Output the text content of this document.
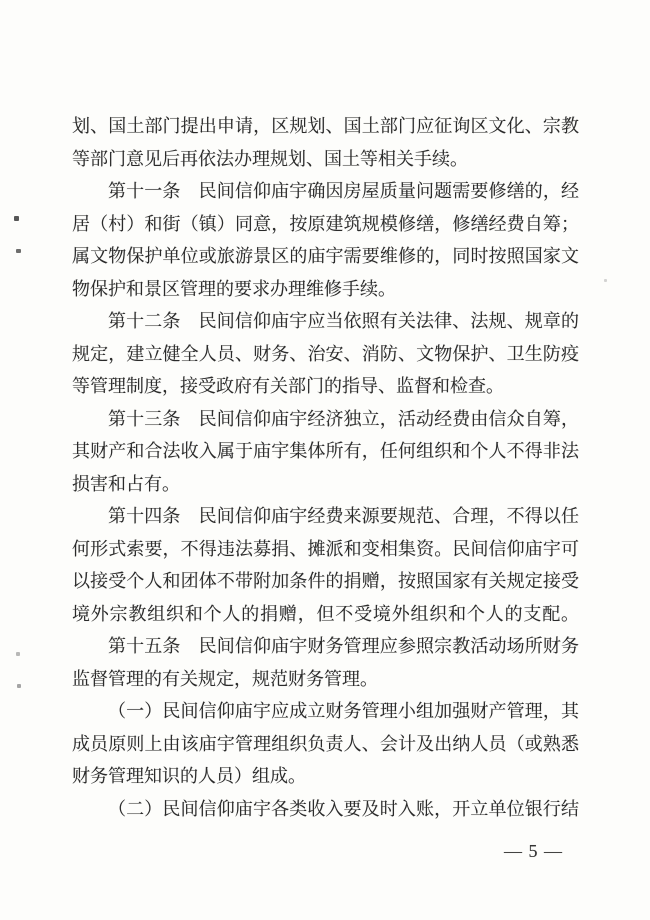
划、国土部门提出申请，区规划、国土部门应征询区文化、宗教
等部门意见后再依法办理规划、国土等相关手续。
第十一条　民间信仰庙宇确因房屋质量问题需要修缮的，经
居（村）和街（镇）同意，按原建筑规模修缮，修缮经费自筹；
属文物保护单位或旅游景区的庙宇需要维修的，同时按照国家文
物保护和景区管理的要求办理维修手续。
第十二条　民间信仰庙宇应当依照有关法律、法规、规章的
规定，建立健全人员、财务、治安、消防、文物保护、卫生防疫
等管理制度，接受政府有关部门的指导、监督和检查。
第十三条　民间信仰庙宇经济独立，活动经费由信众自筹，
其财产和合法收入属于庙宇集体所有，任何组织和个人不得非法
损害和占有。
第十四条　民间信仰庙宇经费来源要规范、合理，不得以任
何形式索要，不得违法募捐、摊派和变相集资。民间信仰庙宇可
以接受个人和团体不带附加条件的捐赠，按照国家有关规定接受
境外宗教组织和个人的捐赠，但不受境外组织和个人的支配。
第十五条　民间信仰庙宇财务管理应参照宗教活动场所财务
监督管理的有关规定，规范财务管理。
（一）民间信仰庙宇应成立财务管理小组加强财产管理，其
成员原则上由该庙宇管理组织负责人、会计及出纳人员（或熟悉
财务管理知识的人员）组成。
（二）民间信仰庙宇各类收入要及时入账，开立单位银行结
— 5 —
